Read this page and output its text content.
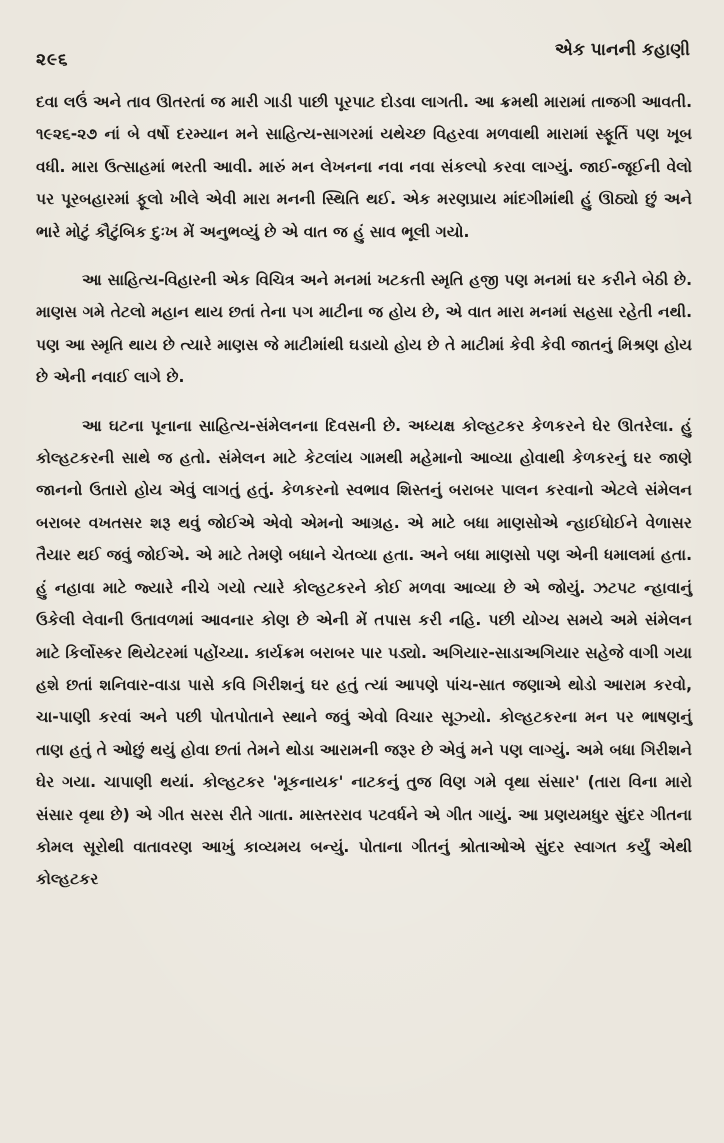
૨૯૬	એક પાનની કહાણી

દવા લઉં અને તાવ ઊતરતાં જ મારી ગાડી પાછી પૂરપાટ દોડવા લાગતી. આ ક્રમથી મારામાં તાજગી આવતી. ૧૯૨૬-૨૭ નાં બે વર્ષો દરમ્યાન મને સાહિત્ય-સાગરમાં યથેચ્છ વિહરવા મળવાથી મારામાં સ્ફૂર્તિ પણ ખૂબ વધી. મારા ઉત્સાહમાં ભરતી આવી. મારું મન લેખનના નવા નવા સંકલ્પો કરવા લાગ્યું. જાઈ-જૂઈની વેલો પર પૂરબહારમાં ફૂલો ખીલે એવી મારા મનની સ્થિતિ થઈ. એક મરણપ્રાય માંદગીમાંથી હું ઊઠ્યો છું અને ભારે મોટું કૌટુંબિક દુઃખ મેં અનુભવ્યું છે એ વાત જ હું સાવ ભૂલી ગયો.

આ સાહિત્ય-વિહારની એક વિચિત્ર અને મનમાં ખટકતી સ્મૃતિ હજી પણ મનમાં ઘર કરીને બેઠી છે. માણસ ગમે તેટલો મહાન થાય છતાં તેના પગ માટીના જ હોય છે, એ વાત મારા મનમાં સહસા રહેતી નથી. પણ આ સ્મૃતિ થાય છે ત્યારે માણસ જે માટીમાંથી ઘડાયો હોય છે તે માટીમાં કેવી કેવી જાતનું મિશ્રણ હોય છે એની નવાઈ લાગે છે.

આ ઘટના પૂનાના સાહિત્ય-સંમેલનના દિવસની છે. અધ્યક્ષ કોલ્હટકર કેળકરને ઘેર ઊતરેલા. હું કોલ્હટકરની સાથે જ હતો. સંમેલન માટે કેટલાંય ગામથી મહેમાનો આવ્યા હોવાથી કેળકરનું ઘર જાણે જાનનો ઉતારો હોય એવું લાગતું હતું. કેળકરનો સ્વભાવ શિસ્તનું બરાબર પાલન કરવાનો એટલે સંમેલન બરાબર વખતસર શરૂ થવું જોઈએ એવો એમનો આગ્રહ. એ માટે બધા માણસોએ ન્હાઈધોઈને વેળાસર તૈયાર થઈ જવું જોઈએ. એ માટે તેમણે બધાને ચેતવ્યા હતા. અને બધા માણસો પણ એની ધમાલમાં હતા. હું નહાવા માટે જ્યારે નીચે ગયો ત્યારે કોલ્હટકરને કોઈ મળવા આવ્યા છે એ જોયું. ઝટપટ ન્હાવાનું ઉકેલી લેવાની ઉતાવળમાં આવનાર કોણ છે એની મેં તપાસ કરી નહિ. પછી યોગ્ય સમયે અમે સંમેલન માટે કિર્લોસ્કર થિયેટરમાં પહોંચ્યા. કાર્યક્રમ બરાબર પાર પડ્યો. અગિયાર-સાડાઅગિયાર સહેજે વાગી ગયા હશે છતાં શનિવાર-વાડા પાસે કવિ ગિરીશનું ઘર હતું ત્યાં આપણે પાંચ-સાત જણાએ થોડો આરામ કરવો, ચા-પાણી કરવાં અને પછી પોતપોતાને સ્થાને જવું એવો વિચાર સૂઝ્યો. કોલ્હટકરના મન પર ભાષણનું તાણ હતું તે ઓછું થયું હોવા છતાં તેમને થોડા આરામની જરૂર છે એવું મને પણ લાગ્યું. અમે બધા ગિરીશને ઘેર ગયા. ચાપાણી થયાં. કોલ્હટકર 'મૂકનાયક' નાટકનું તુજ વિણ ગમે વૃથા સંસાર' (તારા વિના મારો સંસાર વૃથા છે) એ ગીત સરસ રીતે ગાતા. માસ્તરરાવ પટવર્ધને એ ગીત ગાયું. આ પ્રણયમધુર સુંદર ગીતના કોમલ સૂરોથી વાતાવરણ આખું કાવ્યમય બન્યું. પોતાના ગીતનું શ્રોતાઓએ સુંદર સ્વાગત કર્યું એથી કોલ્હટકર
